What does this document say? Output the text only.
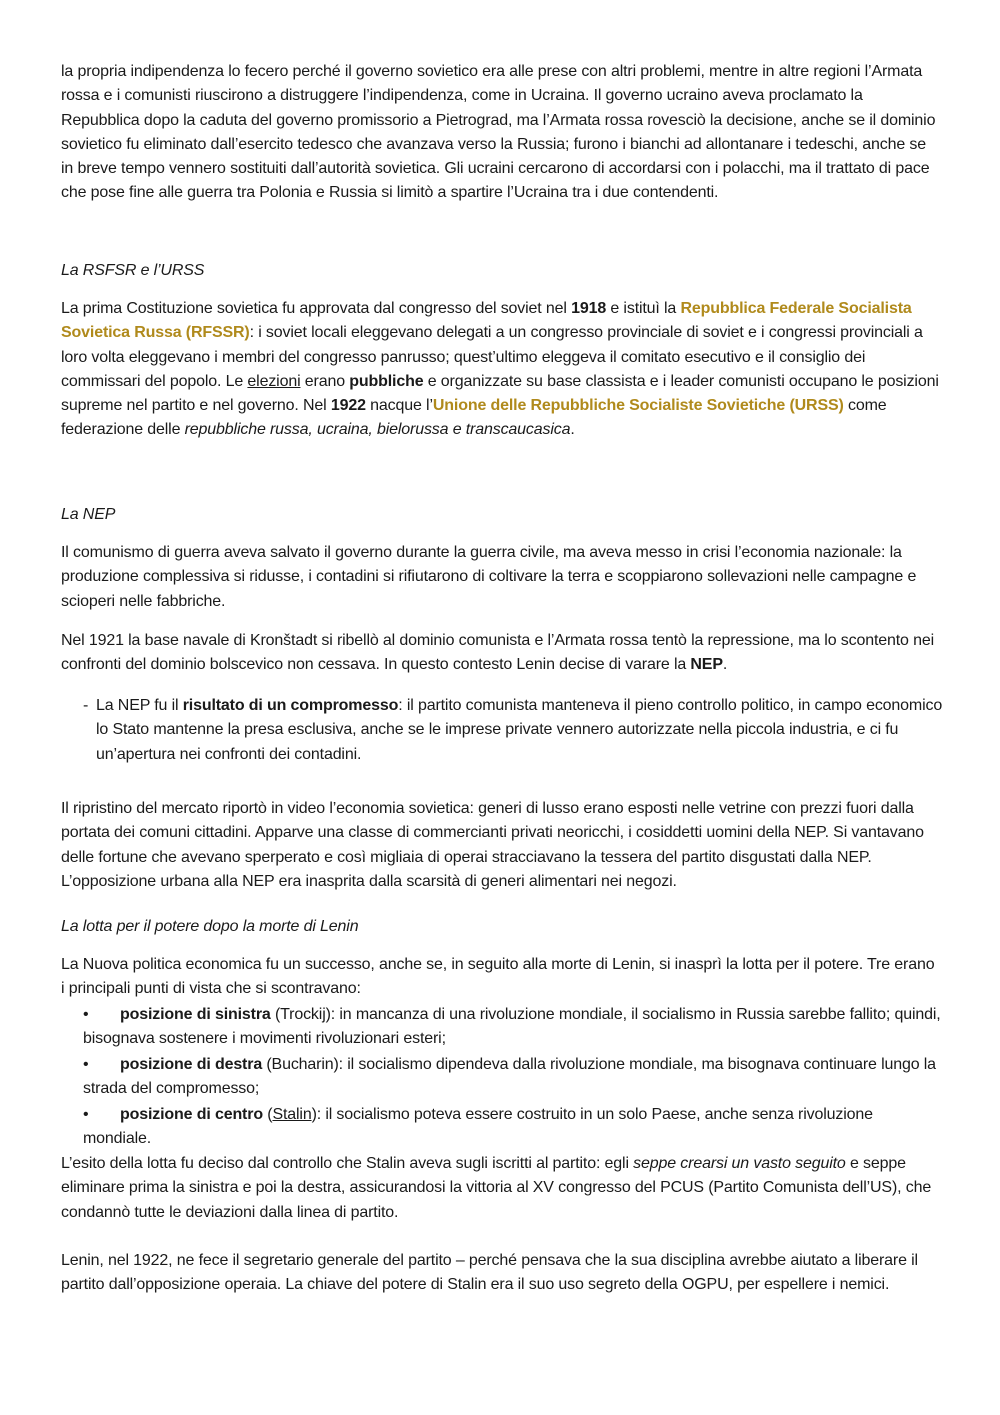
la propria indipendenza lo fecero perché il governo sovietico era alle prese con altri problemi, mentre in altre regioni l’Armata rossa e i comunisti riuscirono a distruggere l’indipendenza, come in Ucraina. Il governo ucraino aveva proclamato la Repubblica dopo la caduta del governo promissorio a Pietrograd, ma l’Armata rossa rovesciò la decisione, anche se il dominio sovietico fu eliminato dall’esercito tedesco che avanzava verso la Russia; furono i bianchi ad allontanare i tedeschi, anche se in breve tempo vennero sostituiti dall’autorità sovietica. Gli ucraini cercarono di accordarsi con i polacchi, ma il trattato di pace che pose fine alle guerra tra Polonia e Russia si limitò a spartire l’Ucraina tra i due contendenti.
La RSFSR e l’URSS
La prima Costituzione sovietica fu approvata dal congresso del soviet nel 1918 e istituì la Repubblica Federale Socialista Sovietica Russa (RFSSR): i soviet locali eleggevano delegati a un congresso provinciale di soviet e i congressi provinciali a loro volta eleggevano i membri del congresso panrusso; quest’ultimo eleggeva il comitato esecutivo e il consiglio dei commissari del popolo. Le elezioni erano pubbliche e organizzate su base classista e i leader comunisti occupano le posizioni supreme nel partito e nel governo. Nel 1922 nacque l’Unione delle Repubbliche Socialiste Sovietiche (URSS) come federazione delle repubbliche russa, ucraina, bielorussa e transcaucasica.
La NEP
Il comunismo di guerra aveva salvato il governo durante la guerra civile, ma aveva messo in crisi l’economia nazionale: la produzione complessiva si ridusse, i contadini si rifiutarono di coltivare la terra e scoppiarono sollevazioni nelle campagne e scioperi nelle fabbriche.
Nel 1921 la base navale di Kronštadt si ribellò al dominio comunista e l’Armata rossa tentò la repressione, ma lo scontento nei confronti del dominio bolscevico non cessava. In questo contesto Lenin decise di varare la NEP.
- La NEP fu il risultato di un compromesso: il partito comunista manteneva il pieno controllo politico, in campo economico lo Stato mantenne la presa esclusiva, anche se le imprese private vennero autorizzate nella piccola industria, e ci fu un’apertura nei confronti dei contadini.
Il ripristino del mercato riportò in video l’economia sovietica: generi di lusso erano esposti nelle vetrine con prezzi fuori dalla portata dei comuni cittadini. Apparve una classe di commercianti privati neoricchi, i cosiddetti uomini della NEP. Si vantavano delle fortune che avevano sperperato e così migliaia di operai stracciavano la tessera del partito disgustati dalla NEP. L’opposizione urbana alla NEP era inasprita dalla scarsità di generi alimentari nei negozi.
La lotta per il potere dopo la morte di Lenin
La Nuova politica economica fu un successo, anche se, in seguito alla morte di Lenin, si inasprì la lotta per il potere. Tre erano i principali punti di vista che si scontravano:
• posizione di sinistra (Trockij): in mancanza di una rivoluzione mondiale, il socialismo in Russia sarebbe fallito; quindi, bisognava sostenere i movimenti rivoluzionari esteri;
• posizione di destra (Bucharin): il socialismo dipendeva dalla rivoluzione mondiale, ma bisognava continuare lungo la strada del compromesso;
• posizione di centro (Stalin): il socialismo poteva essere costruito in un solo Paese, anche senza rivoluzione mondiale.
L’esito della lotta fu deciso dal controllo che Stalin aveva sugli iscritti al partito: egli seppe crearsi un vasto seguito e seppe eliminare prima la sinistra e poi la destra, assicurandosi la vittoria al XV congresso del PCUS (Partito Comunista dell’US), che condannò tutte le deviazioni dalla linea di partito.
Lenin, nel 1922, ne fece il segretario generale del partito – perché pensava che la sua disciplina avrebbe aiutato a liberare il partito dall’opposizione operaia. La chiave del potere di Stalin era il suo uso segreto della OGPU, per espellere i nemici.
